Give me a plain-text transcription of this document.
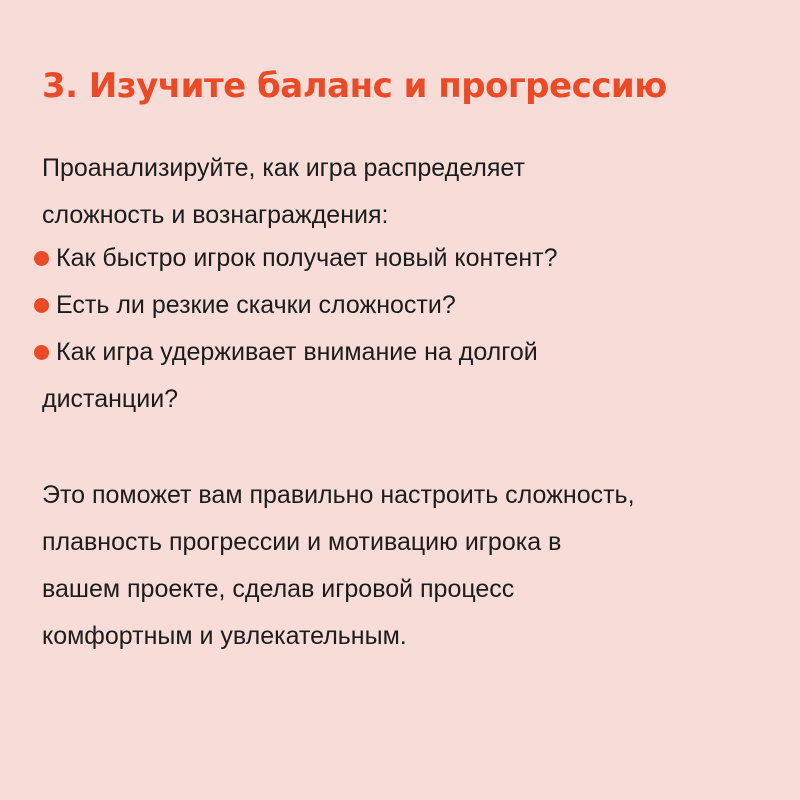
3. Изучите баланс и прогрессию
Проанализируйте, как игра распределяет
сложность и вознаграждения:
Как быстро игрок получает новый контент?
Есть ли резкие скачки сложности?
Как игра удерживает внимание на долгой
дистанции?
Это поможет вам правильно настроить сложность,
плавность прогрессии и мотивацию игрока в
вашем проекте, сделав игровой процесс
комфортным и увлекательным.
